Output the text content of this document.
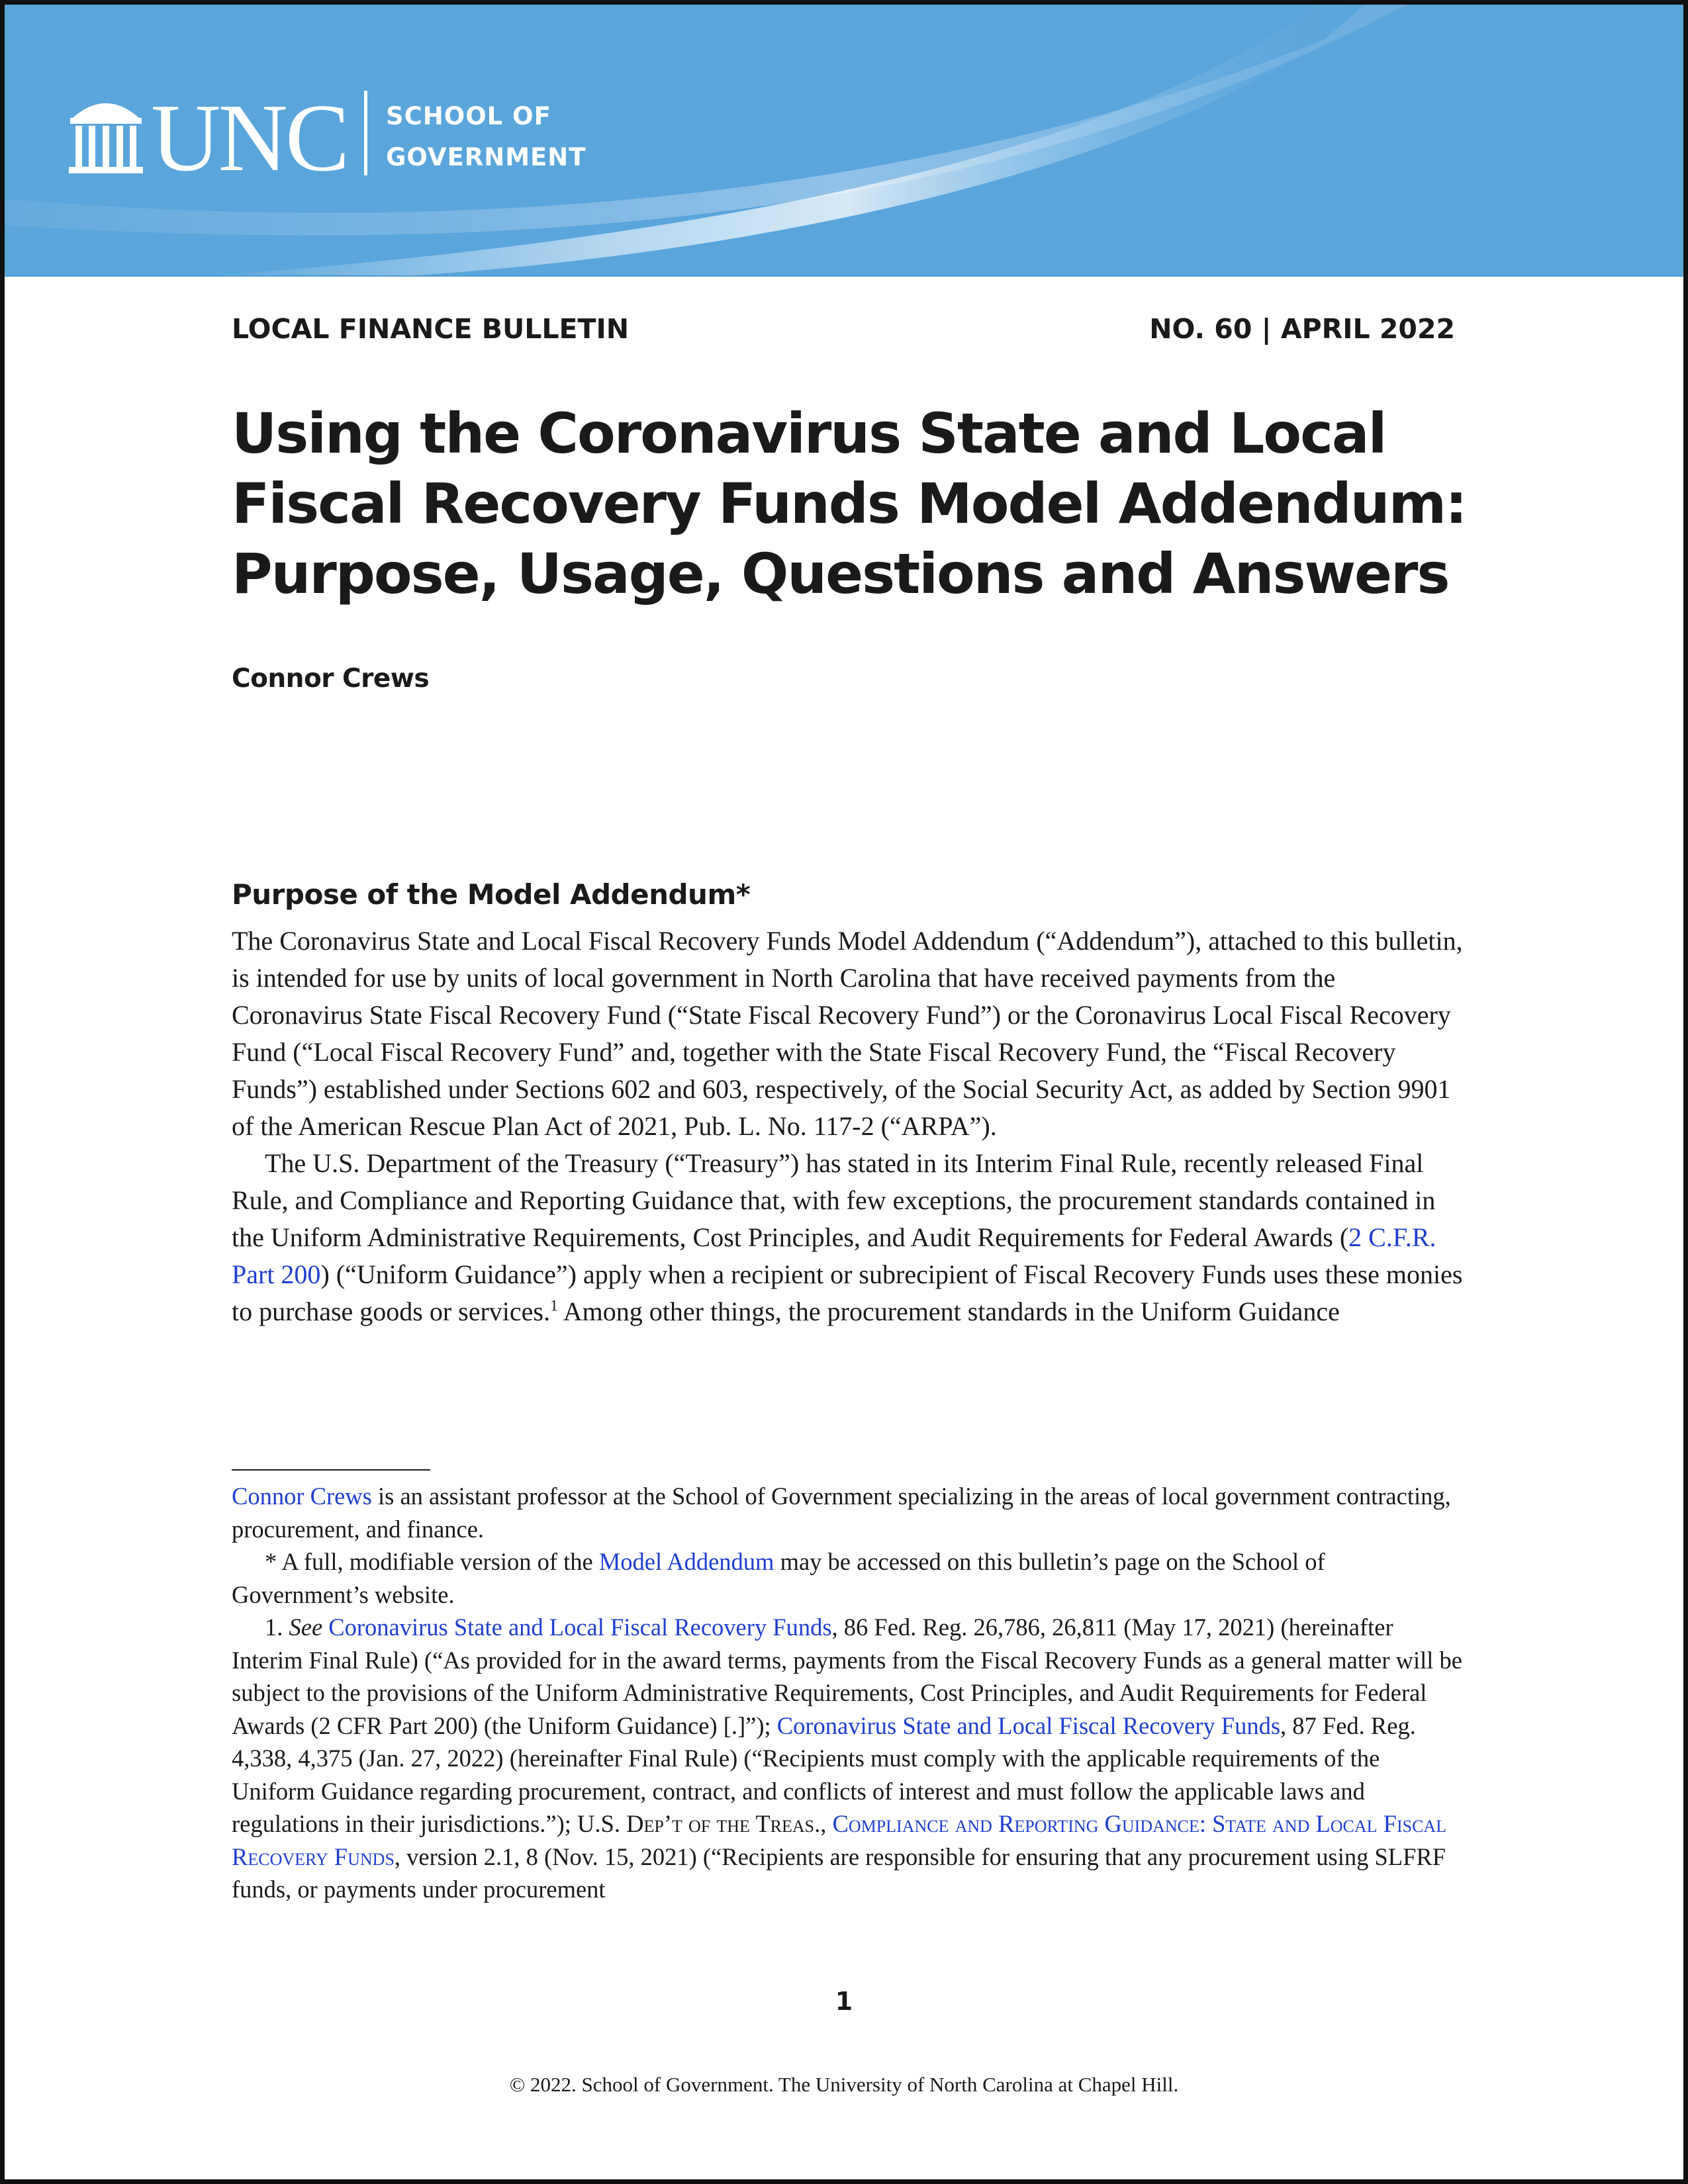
UNC SCHOOL OF
GOVERNMENT
LOCAL FINANCE BULLETIN	NO. 60 | APRIL 2022
Using the Coronavirus State and Local
Fiscal Recovery Funds Model Addendum:
Purpose, Usage, Questions and Answers
Connor Crews
Purpose of the Model Addendum*

The Coronavirus State and Local Fiscal Recovery Funds Model Addendum (“Addendum”), attached to this bulletin, is intended for use by units of local government in North Carolina that have received payments from the Coronavirus State Fiscal Recovery Fund (“State Fiscal Recovery Fund”) or the Coronavirus Local Fiscal Recovery Fund (“Local Fiscal Recovery Fund” and, together with the State Fiscal Recovery Fund, the “Fiscal Recovery Funds”) established under Sections 602 and 603, respectively, of the Social Security Act, as added by Section 9901 of the American Rescue Plan Act of 2021, Pub. L. No. 117-2 (“ARPA”).

The U.S. Department of the Treasury (“Treasury”) has stated in its Interim Final Rule, recently released Final Rule, and Compliance and Reporting Guidance that, with few exceptions, the procurement standards contained in the Uniform Administrative Requirements, Cost Principles, and Audit Requirements for Federal Awards (2 C.F.R. Part 200) (“Uniform Guidance”) apply when a recipient or subrecipient of Fiscal Recovery Funds uses these monies to purchase goods or services.$^1$ Among other things, the procurement standards in the Uniform Guidance

Connor Crews is an assistant professor at the School of Government specializing in the areas of local government contracting, procurement, and finance.

* A full, modifiable version of the Model Addendum may be accessed on this bulletin’s page on the School of Government’s website.

1. See Coronavirus State and Local Fiscal Recovery Funds, 86 Fed. Reg. 26,786, 26,811 (May 17, 2021) (hereinafter Interim Final Rule) (“As provided for in the award terms, payments from the Fiscal Recovery Funds as a general matter will be subject to the provisions of the Uniform Administrative Requirements, Cost Principles, and Audit Requirements for Federal Awards (2 CFR Part 200) (the Uniform Guidance) [.]”); Coronavirus State and Local Fiscal Recovery Funds, 87 Fed. Reg. 4,338, 4,375 (Jan. 27, 2022) (hereinafter Final Rule) (“Recipients must comply with the applicable requirements of the Uniform Guidance regarding procurement, contract, and conflicts of interest and must follow the applicable laws and regulations in their jurisdictions.”); U.S. Dep’t of the Treas., Compliance and Reporting Guidance: State and Local Fiscal Recovery Funds, version 2.1, 8 (Nov. 15, 2021) (“Recipients are responsible for ensuring that any procurement using SLFRF funds, or payments under procurement

1
© 2022. School of Government. The University of North Carolina at Chapel Hill.
